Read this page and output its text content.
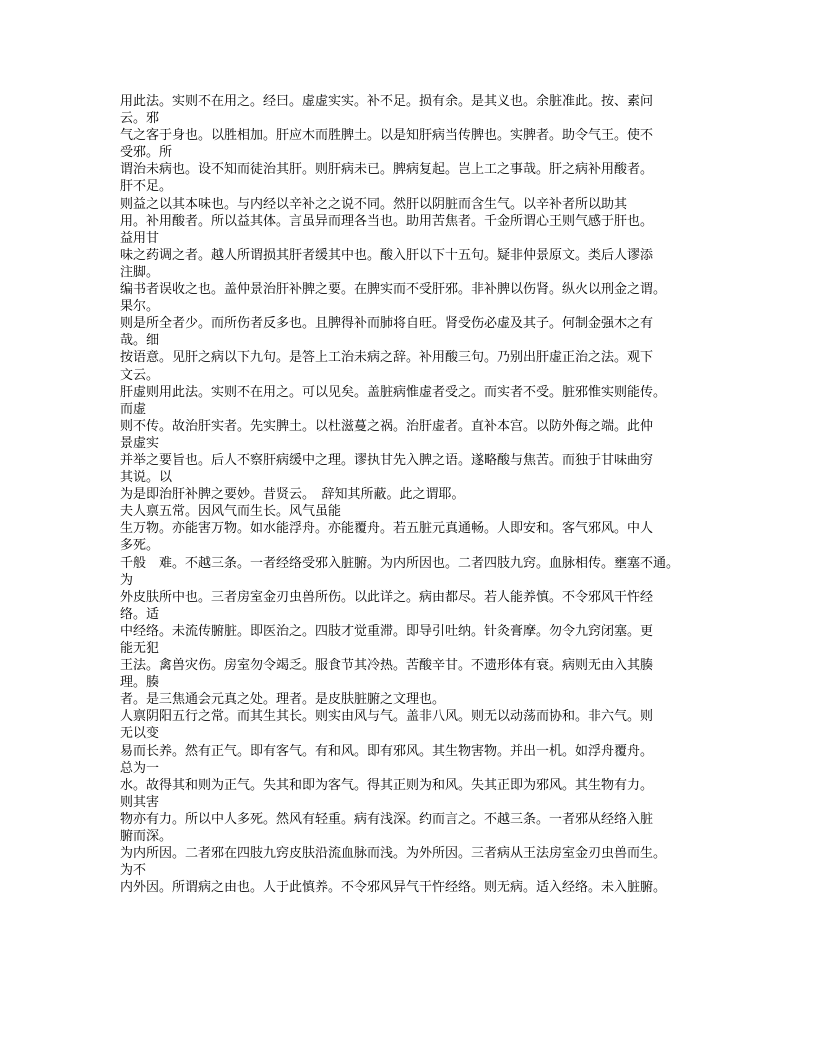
用此法。实则不在用之。经曰。虚虚实实。补不足。损有余。是其义也。余脏准此。按、素问
云。邪
气之客于身也。以胜相加。肝应木而胜脾土。以是知肝病当传脾也。实脾者。助令气王。使不
受邪。所
谓治未病也。设不知而徒治其肝。则肝病未已。脾病复起。岂上工之事哉。肝之病补用酸者。
肝不足。
则益之以其本味也。与内经以辛补之之说不同。然肝以阴脏而含生气。以辛补者所以助其
用。补用酸者。所以益其体。言虽异而理各当也。助用苦焦者。千金所谓心王则气感于肝也。
益用甘
味之药调之者。越人所谓损其肝者缓其中也。酸入肝以下十五句。疑非仲景原文。类后人谬添
注脚。
编书者误收之也。盖仲景治肝补脾之要。在脾实而不受肝邪。非补脾以伤肾。纵火以刑金之谓。
果尔。
则是所全者少。而所伤者反多也。且脾得补而肺将自旺。肾受伤必虚及其子。何制金强木之有
哉。细
按语意。见肝之病以下九句。是答上工治未病之辞。补用酸三句。乃别出肝虚正治之法。观下
文云。
肝虚则用此法。实则不在用之。可以见矣。盖脏病惟虚者受之。而实者不受。脏邪惟实则能传。
而虚
则不传。故治肝实者。先实脾土。以杜滋蔓之祸。治肝虚者。直补本宫。以防外侮之端。此仲
景虚实
并举之要旨也。后人不察肝病缓中之理。谬执甘先入脾之语。遂略酸与焦苦。而独于甘味曲穷
其说。以
为是即治肝补脾之要妙。昔贤云。　辞知其所蔽。此之谓耶。
夫人禀五常。因风气而生长。风气虽能
生万物。亦能害万物。如水能浮舟。亦能覆舟。若五脏元真通畅。人即安和。客气邪风。中人
多死。
千般　难。不越三条。一者经络受邪入脏腑。为内所因也。二者四肢九窍。血脉相传。壅塞不通。
为
外皮肤所中也。三者房室金刃虫兽所伤。以此详之。病由都尽。若人能养慎。不令邪风干忤经
络。适
中经络。未流传腑脏。即医治之。四肢才觉重滞。即导引吐纳。针灸膏摩。勿令九窍闭塞。更
能无犯
王法。禽兽灾伤。房室勿令竭乏。服食节其冷热。苦酸辛甘。不遗形体有衰。病则无由入其腠
理。腠
者。是三焦通会元真之处。理者。是皮肤脏腑之文理也。
人禀阴阳五行之常。而其生其长。则实由风与气。盖非八风。则无以动荡而协和。非六气。则
无以变
易而长养。然有正气。即有客气。有和风。即有邪风。其生物害物。并出一机。如浮舟覆舟。
总为一
水。故得其和则为正气。失其和即为客气。得其正则为和风。失其正即为邪风。其生物有力。
则其害
物亦有力。所以中人多死。然风有轻重。病有浅深。约而言之。不越三条。一者邪从经络入脏
腑而深。
为内所因。二者邪在四肢九窍皮肤沿流血脉而浅。为外所因。三者病从王法房室金刃虫兽而生。
为不
内外因。所谓病之由也。人于此慎养。不令邪风异气干忤经络。则无病。适入经络。未入脏腑。
